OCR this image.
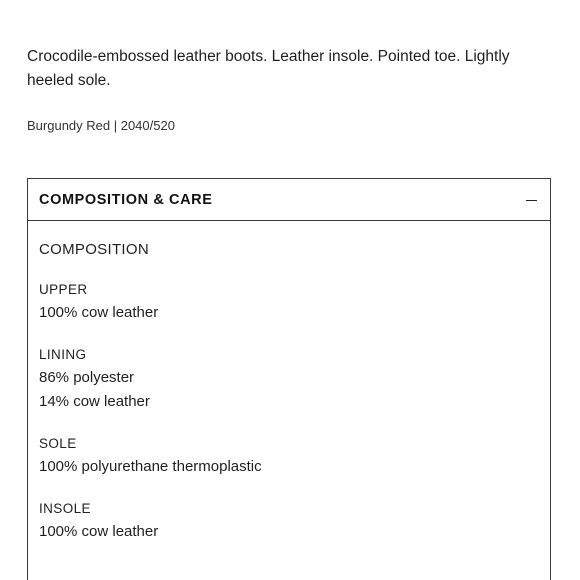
Crocodile-embossed leather boots. Leather insole. Pointed toe. Lightly heeled sole.

Burgundy Red | 2040/520
COMPOSITION & CARE
COMPOSITION
UPPER
100% cow leather
LINING
86% polyester
14% cow leather
SOLE
100% polyurethane thermoplastic
INSOLE
100% cow leather
